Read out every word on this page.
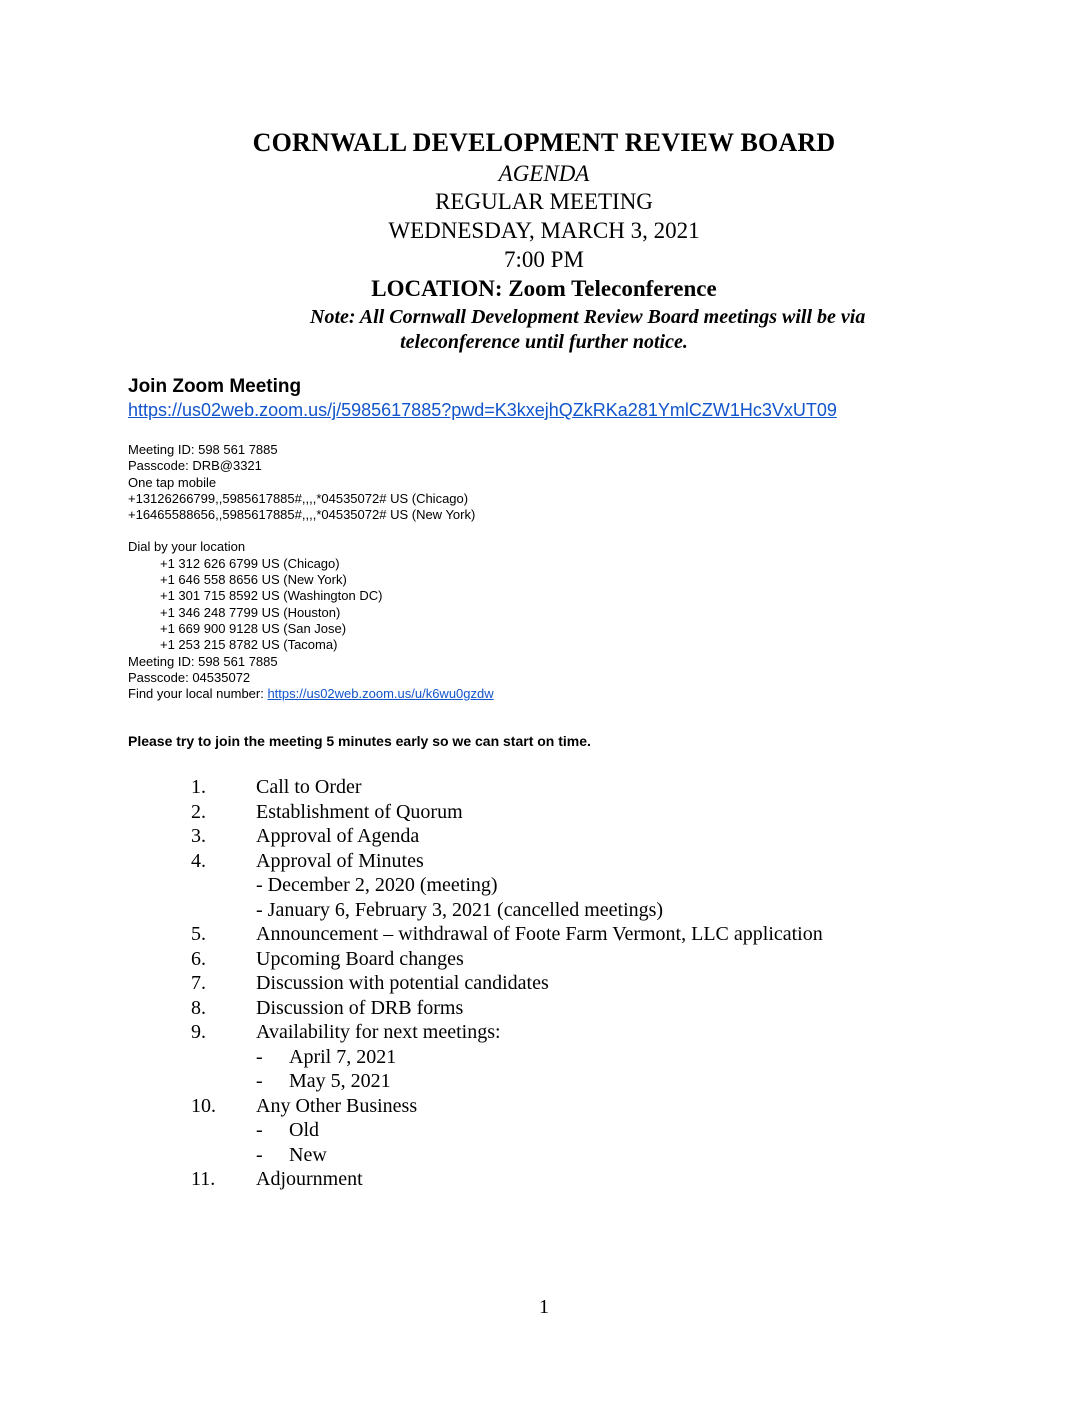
CORNWALL DEVELOPMENT REVIEW BOARD
AGENDA
REGULAR MEETING
WEDNESDAY, MARCH 3, 2021
7:00 PM
LOCATION: Zoom Teleconference
Note: All Cornwall Development Review Board meetings will be via
teleconference until further notice.
Join Zoom Meeting
https://us02web.zoom.us/j/5985617885?pwd=K3kxejhQZkRKa281YmlCZW1Hc3VxUT09
Meeting ID: 598 561 7885
Passcode: DRB@3321
One tap mobile
+13126266799,,5985617885#,,,,*04535072# US (Chicago)
+16465588656,,5985617885#,,,,*04535072# US (New York)
Dial by your location
+1 312 626 6799 US (Chicago)
+1 646 558 8656 US (New York)
+1 301 715 8592 US (Washington DC)
+1 346 248 7799 US (Houston)
+1 669 900 9128 US (San Jose)
+1 253 215 8782 US (Tacoma)
Meeting ID: 598 561 7885
Passcode: 04535072
Find your local number: https://us02web.zoom.us/u/k6wu0gzdw
Please try to join the meeting 5 minutes early so we can start on time.
1.	Call to Order
2.	Establishment of Quorum
3.	Approval of Agenda
4.	Approval of Minutes
- December 2, 2020 (meeting)
- January 6, February 3, 2021 (cancelled meetings)
5.	Announcement – withdrawal of Foote Farm Vermont, LLC application
6.	Upcoming Board changes
7.	Discussion with potential candidates
8.	Discussion of DRB forms
9.	Availability for next meetings:
- April 7, 2021
- May 5, 2021
10. Any Other Business
- Old
- New
11. Adjournment
1
